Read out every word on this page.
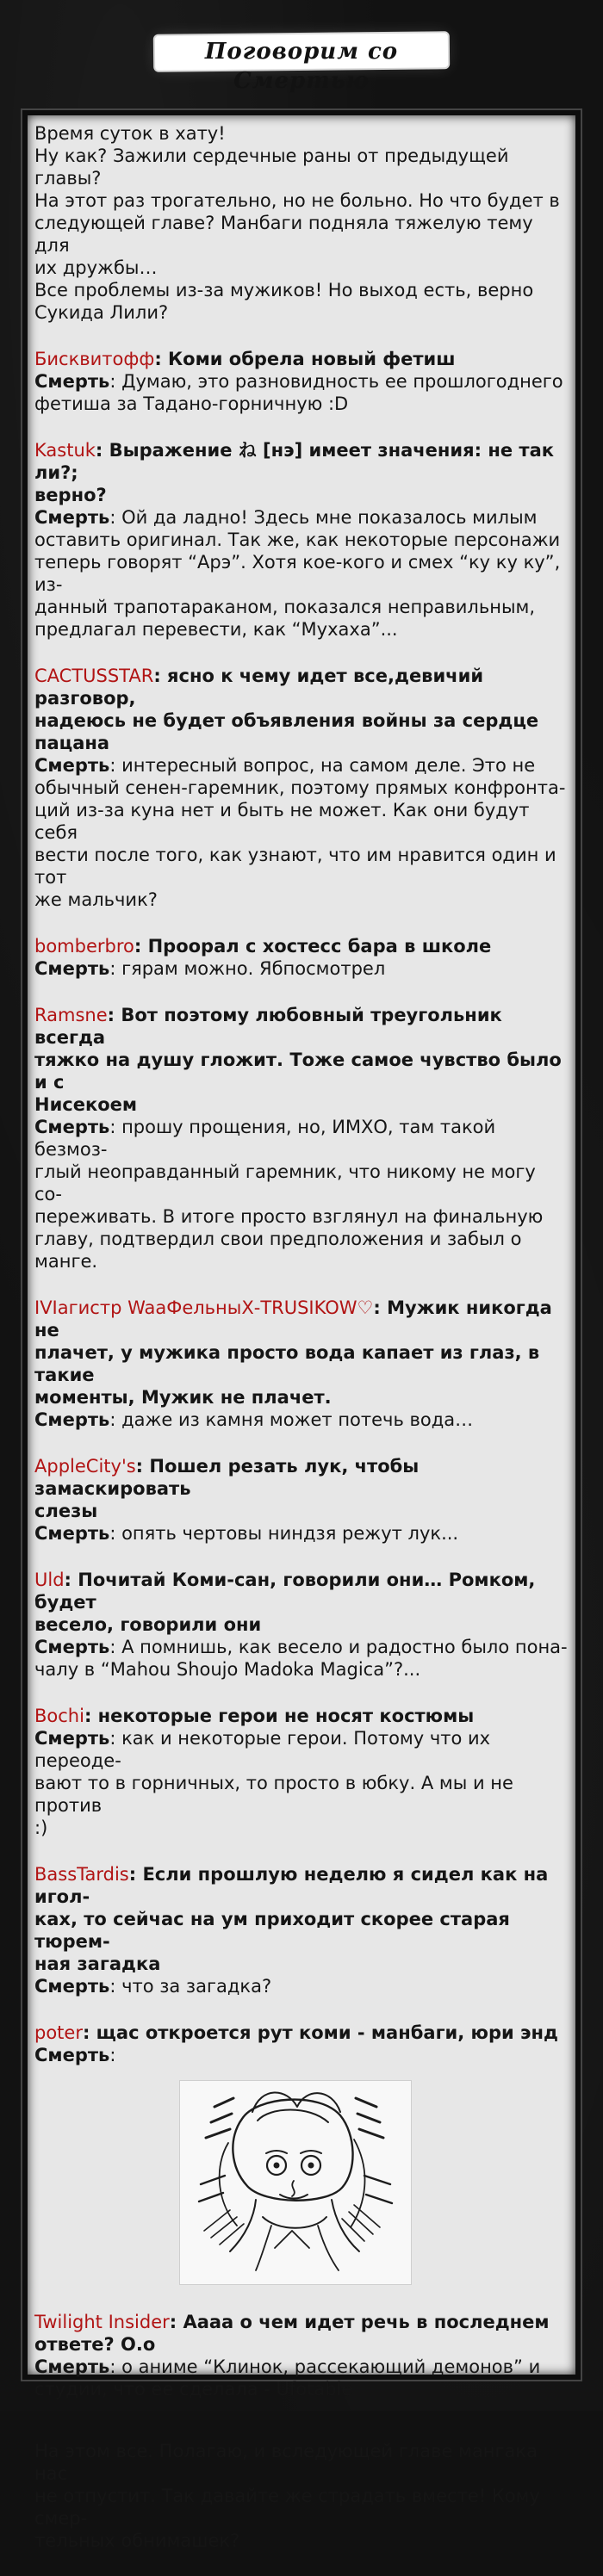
Поговорим со Смертью
Время суток в хату!
Ну как? Зажили сердечные раны от предыдущей главы?
На этот раз трогательно, но не больно. Но что будет в
следующей главе? Манбаги подняла тяжелую тему для
их дружбы…
Все проблемы из-за мужиков! Но выход есть, верно
Сукида Лили?
Бисквитофф: Коми обрела новый фетиш
Смерть: Думаю, это разновидность ее прошлогоднего
фетиша за Тадано-горничную :D
Kastuk: Выражение ね [нэ] имеет значения: не так ли?;
верно?
Смерть: Ой да ладно! Здесь мне показалось милым
оставить оригинал. Так же, как некоторые персонажи
теперь говорят “Арэ”. Хотя кое-кого и смех “ку ку ку”, из-
данный трапотараканом, показался неправильным,
предлагал перевести, как “Мухаха”...
CACTUSSTAR: ясно к чему идет все,девичий разговор,
надеюсь не будет объявления войны за сердце
пацана
Смерть: интересный вопрос, на самом деле. Это не
обычный сенен-гаремник, поэтому прямых конфронта-
ций из-за куна нет и быть не может. Как они будут себя
вести после того, как узнают, что им нравится один и тот
же мальчик?
bomberbro: Проорал с хостесс бара в школе
Смерть: гярам можно. Ябпосмотрел
Ramsne: Вот поэтому любовный треугольник всегда
тяжко на душу гложит. Тоже самое чувство было и с
Нисекоем
Смерть: прошу прощения, но, ИМХО, там такой безмоз-
глый неоправданный гаремник, что никому не могу со-
переживать. В итоге просто взглянул на финальную
главу, подтвердил свои предположения и забыл о
манге.
IVIагистр WaaФельныХ-TRUSIKOW♡: Мужик никогда не
плачет, у мужика просто вода капает из глаз, в такие
моменты, Мужик не плачет.
Смерть: даже из камня может потечь вода…
AppleCity's: Пошел резать лук, чтобы замаскировать
слезы
Смерть: опять чертовы ниндзя режут лук...
Uld: Почитай Коми-сан, говорили они… Ромком, будет
весело, говорили они
Смерть: А помнишь, как весело и радостно было пона-
чалу в “Mahou Shoujo Madoka Magica”?...
Bochi: некоторые герои не носят костюмы
Смерть: как и некоторые герои. Потому что их переоде-
вают то в горничных, то просто в юбку. А мы и не против
:)
BassTardis: Если прошлую неделю я сидел как на игол-
ках, то сейчас на ум приходит скорее старая тюрем-
ная загадка
Смерть: что за загадка?
poter: щас откроется рут коми - манбаги, юри энд
Смерть:
Twilight Insider: Аааа о чем идет речь в последнем
ответе? О.о
Смерть: о аниме “Клинок, рассекающий демонов” и
студии, что ее сделала - Ufotable
На этом все. Полагаю, и вследующей главе мангака нас
не отпустит. Так давайте же страдать вместе! Кому смер-
тельных обнимашек?
